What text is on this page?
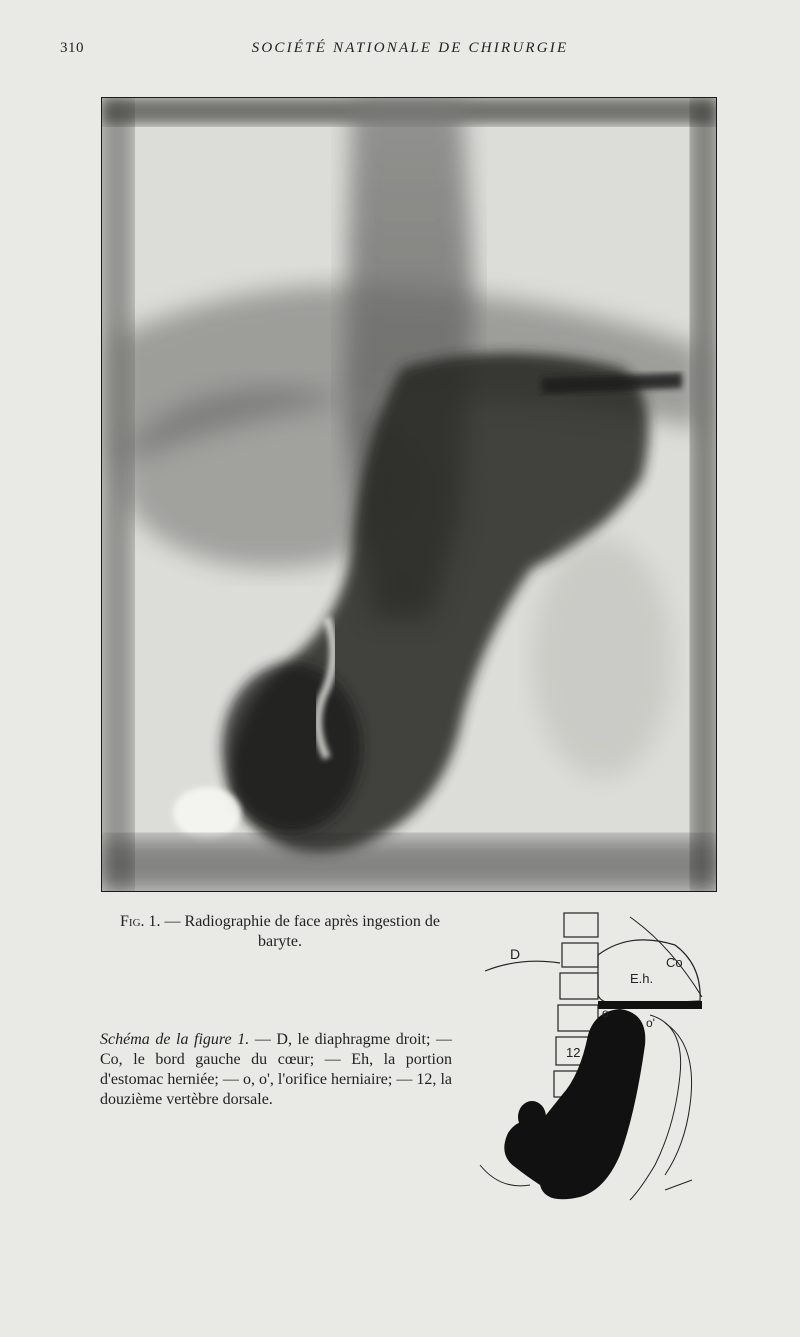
310	SOCIÉTÉ NATIONALE DE CHIRURGIE
Fig. 1. — Radiographie de face après ingestion de baryte.
Schéma de la figure 1. — D, le diaphragme droit; — Co, le bord gauche du cœur; — Eh, la portion d'estomac herniée; — o, o', l'orifice herniaire; — 12, la douzième vertèbre dorsale.
D
Co
E.h.
o
o'
12
